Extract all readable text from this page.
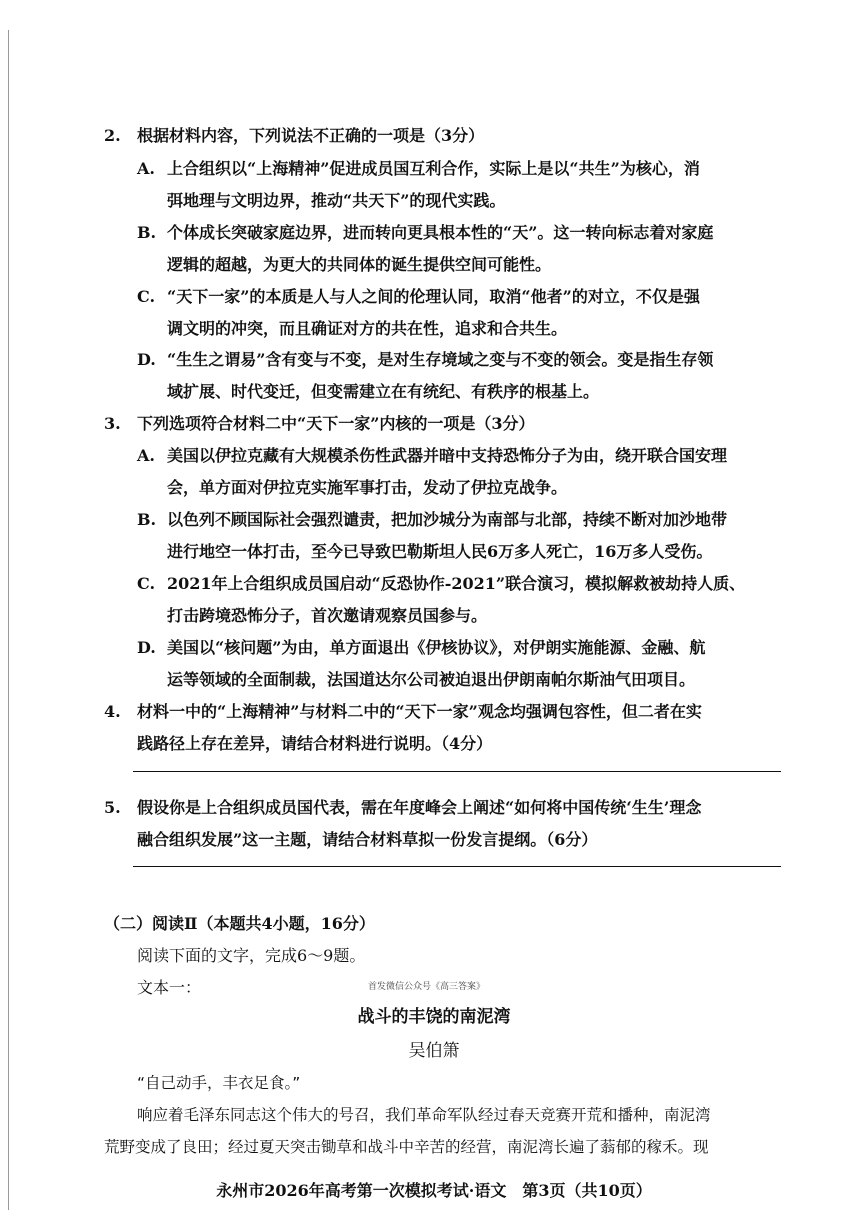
2. 根据材料内容，下列说法不正确的一项是（3分）
A. 上合组织以“上海精神”促进成员国互利合作，实际上是以“共生”为核心，消
弭地理与文明边界，推动“共天下”的现代实践。
B. 个体成长突破家庭边界，进而转向更具根本性的“天”。这一转向标志着对家庭
逻辑的超越，为更大的共同体的诞生提供空间可能性。
C. “天下一家”的本质是人与人之间的伦理认同，取消“他者”的对立，不仅是强
调文明的冲突，而且确证对方的共在性，追求和合共生。
D. “生生之谓易”含有变与不变，是对生存境域之变与不变的领会。变是指生存领
域扩展、时代变迁，但变需建立在有统纪、有秩序的根基上。
3. 下列选项符合材料二中“天下一家”内核的一项是（3分）
A. 美国以伊拉克藏有大规模杀伤性武器并暗中支持恐怖分子为由，绕开联合国安理
会，单方面对伊拉克实施军事打击，发动了伊拉克战争。
B. 以色列不顾国际社会强烈谴责，把加沙城分为南部与北部，持续不断对加沙地带
进行地空一体打击，至今已导致巴勒斯坦人民6万多人死亡，16万多人受伤。
C. 2021年上合组织成员国启动“反恐协作-2021”联合演习，模拟解救被劫持人质、
打击跨境恐怖分子，首次邀请观察员国参与。
D. 美国以“核问题”为由，单方面退出《伊核协议》，对伊朗实施能源、金融、航
运等领域的全面制裁，法国道达尔公司被迫退出伊朗南帕尔斯油气田项目。
4. 材料一中的“上海精神”与材料二中的“天下一家”观念均强调包容性，但二者在实
践路径上存在差异，请结合材料进行说明。（4分）
5. 假设你是上合组织成员国代表，需在年度峰会上阐述“如何将中国传统‘生生’理念
融合组织发展”这一主题，请结合材料草拟一份发言提纲。（6分）
（二）阅读Ⅱ（本题共4小题，16分）
阅读下面的文字，完成6～9题。
文本一：	首发微信公众号《高三答案》
战斗的丰饶的南泥湾
吴伯箫
“自己动手，丰衣足食。”
响应着毛泽东同志这个伟大的号召，我们革命军队经过春天竞赛开荒和播种，南泥湾
荒野变成了良田；经过夏天突击锄草和战斗中辛苦的经营，南泥湾长遍了蓊郁的稼禾。现
永州市2026年高考第一次模拟考试·语文　第3页（共10页）
